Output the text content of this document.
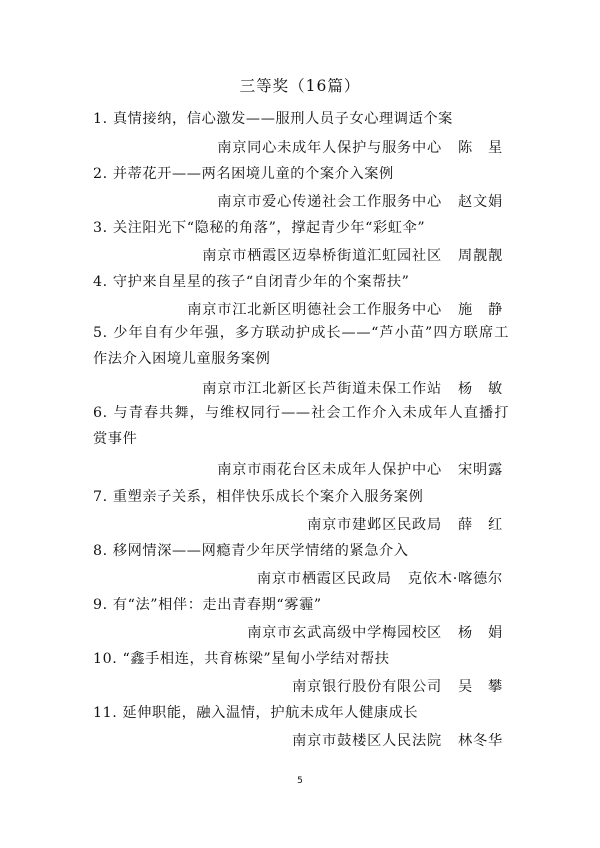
三等奖（16篇）
1. 真情接纳，信心激发——服刑人员子女心理调适个案
南京同心未成年人保护与服务中心 陈　星
2. 并蒂花开——两名困境儿童的个案介入案例
南京市爱心传递社会工作服务中心 赵文娟
3. 关注阳光下“隐秘的角落”，撑起青少年“彩虹伞”
南京市栖霞区迈皋桥街道汇虹园社区 周靓靓
4. 守护来自星星的孩子“自闭青少年的个案帮扶”
南京市江北新区明德社会工作服务中心 施　静
5. 少年自有少年强，多方联动护成长——“芦小苗”四方联席工作法介入困境儿童服务案例
南京市江北新区长芦街道未保工作站 杨　敏
6. 与青春共舞，与维权同行——社会工作介入未成年人直播打赏事件
南京市雨花台区未成年人保护中心 宋明露
7. 重塑亲子关系，相伴快乐成长个案介入服务案例
南京市建邺区民政局 薛　红
8. 移网情深——网瘾青少年厌学情绪的紧急介入
南京市栖霞区民政局 克依木·喀德尔
9. 有“法”相伴：走出青春期“雾霾”
南京市玄武高级中学梅园校区 杨　娟
10. “鑫手相连，共育栋梁”星甸小学结对帮扶
南京银行股份有限公司 吴　攀
11. 延伸职能，融入温情，护航未成年人健康成长
南京市鼓楼区人民法院 林冬华
5
